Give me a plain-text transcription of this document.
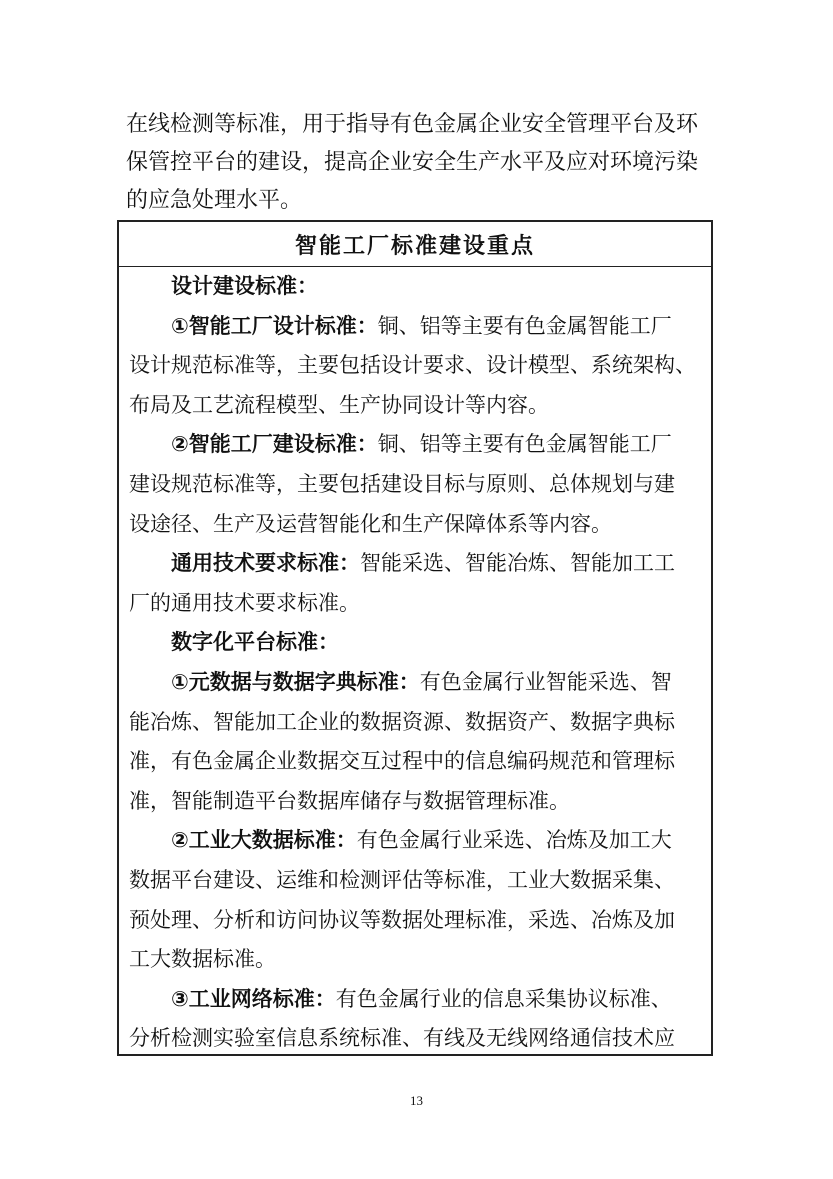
在线检测等标准，用于指导有色金属企业安全管理平台及环
保管控平台的建设，提高企业安全生产水平及应对环境污染
的应急处理水平。
智能工厂标准建设重点
设计建设标准：
①智能工厂设计标准：铜、铝等主要有色金属智能工厂
设计规范标准等，主要包括设计要求、设计模型、系统架构、
布局及工艺流程模型、生产协同设计等内容。
②智能工厂建设标准：铜、铝等主要有色金属智能工厂
建设规范标准等，主要包括建设目标与原则、总体规划与建
设途径、生产及运营智能化和生产保障体系等内容。
通用技术要求标准：智能采选、智能冶炼、智能加工工
厂的通用技术要求标准。
数字化平台标准：
①元数据与数据字典标准：有色金属行业智能采选、智
能冶炼、智能加工企业的数据资源、数据资产、数据字典标
准，有色金属企业数据交互过程中的信息编码规范和管理标
准，智能制造平台数据库储存与数据管理标准。
②工业大数据标准：有色金属行业采选、冶炼及加工大
数据平台建设、运维和检测评估等标准，工业大数据采集、
预处理、分析和访问协议等数据处理标准，采选、冶炼及加
工大数据标准。
③工业网络标准：有色金属行业的信息采集协议标准、
分析检测实验室信息系统标准、有线及无线网络通信技术应
13
